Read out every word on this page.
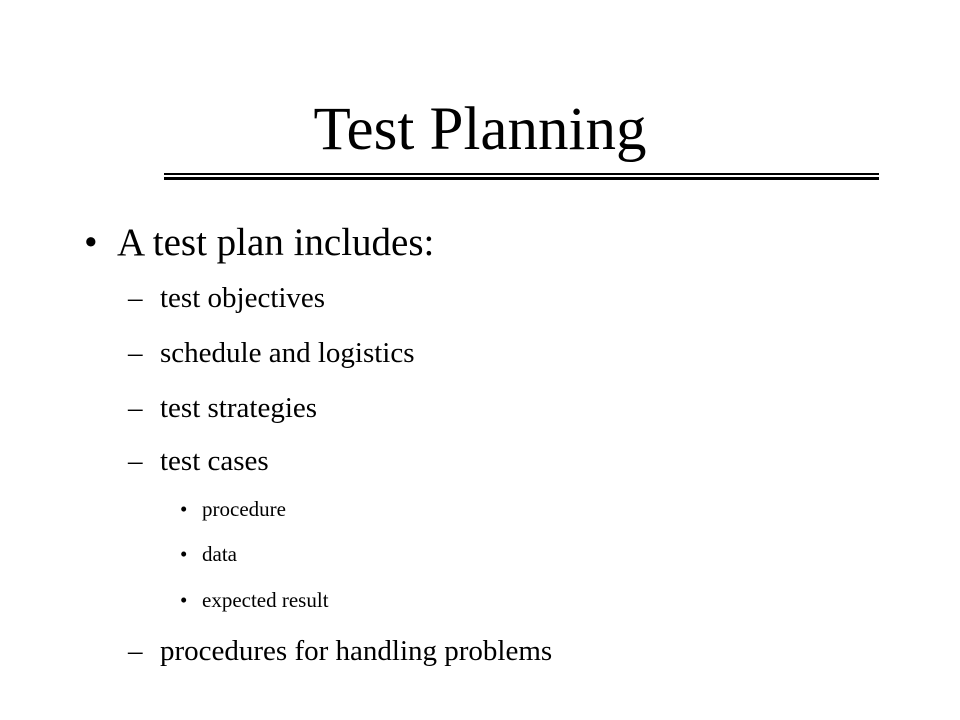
Test Planning
• A test plan includes:
– test objectives
– schedule and logistics
– test strategies
– test cases
• procedure
• data
• expected result
– procedures for handling problems
